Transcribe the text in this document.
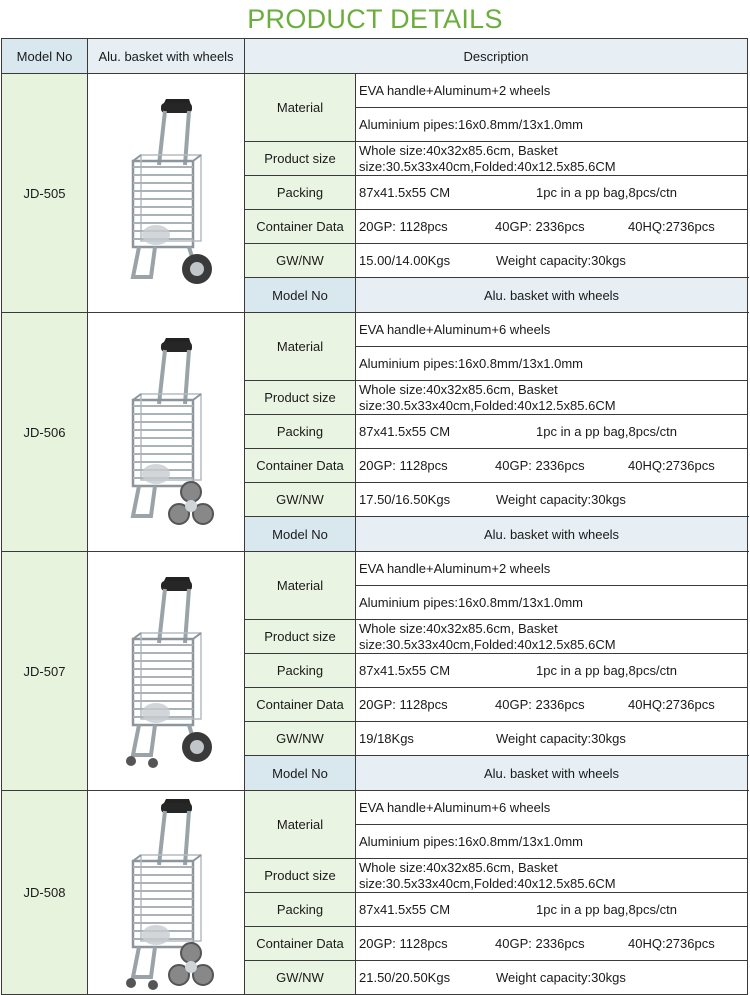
PRODUCT DETAILS
Model No	Alu. basket with wheels	Description		
JD-505		Material	EVA handle+Aluminum+2 wheels	
			Aluminium pipes:16x0.8mm/13x1.0mm	
		Product size	Whole size:40x32x85.6cm, Basket
size:30.5x33x40cm,Folded:40x12.5x85.6CM	

		Packing	87x41.5x55 CM 1pc in a pp bag,8pcs/ctn	

		Container Data	20GP: 1128pcs 40GP: 2336pcs 40HQ:2736pcs	

		GW/NW	15.00/14.00Kgs Weight capacity:30kgs	

		Model No	Alu. basket with wheels	
JD-506		Material	EVA handle+Aluminum+6 wheels	
			Aluminium pipes:16x0.8mm/13x1.0mm	
		Product size	Whole size:40x32x85.6cm, Basket
size:30.5x33x40cm,Folded:40x12.5x85.6CM	

		Packing	87x41.5x55 CM 1pc in a pp bag,8pcs/ctn	

		Container Data	20GP: 1128pcs 40GP: 2336pcs 40HQ:2736pcs	

		GW/NW	17.50/16.50Kgs Weight capacity:30kgs	

		Model No	Alu. basket with wheels	
JD-507		Material	EVA handle+Aluminum+2 wheels	
			Aluminium pipes:16x0.8mm/13x1.0mm	
		Product size	Whole size:40x32x85.6cm, Basket
size:30.5x33x40cm,Folded:40x12.5x85.6CM	

		Packing	87x41.5x55 CM 1pc in a pp bag,8pcs/ctn	

		Container Data	20GP: 1128pcs 40GP: 2336pcs 40HQ:2736pcs	

		GW/NW	19/18Kgs Weight capacity:30kgs	

		Model No	Alu. basket with wheels	
JD-508		Material	EVA handle+Aluminum+6 wheels	
			Aluminium pipes:16x0.8mm/13x1.0mm	
		Product size	Whole size:40x32x85.6cm, Basket
size:30.5x33x40cm,Folded:40x12.5x85.6CM	

		Packing	87x41.5x55 CM 1pc in a pp bag,8pcs/ctn	

		Container Data	20GP: 1128pcs 40GP: 2336pcs 40HQ:2736pcs	

		GW/NW	21.50/20.50Kgs Weight capacity:30kgs	
